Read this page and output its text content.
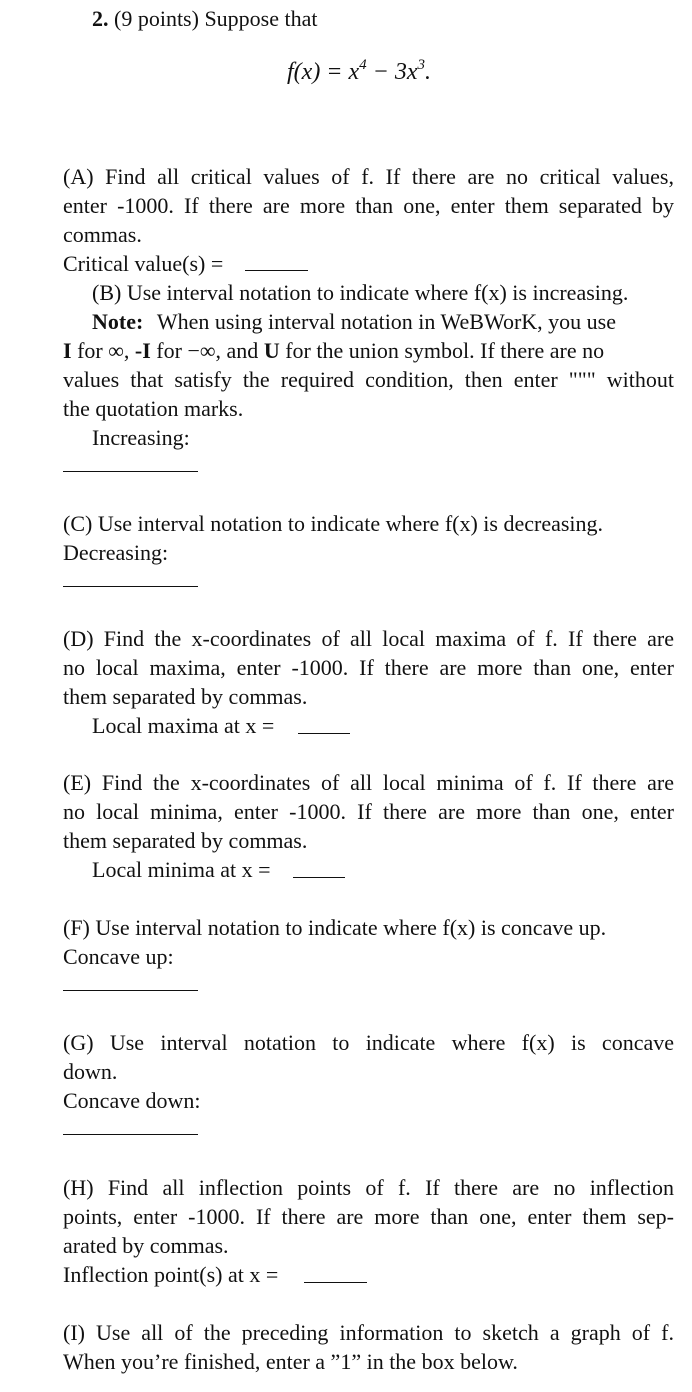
2. (9 points) Suppose that
$f(x) = x^4 - 3x^3$.
(A) Find all critical values of f. If there are no critical values,
enter -1000. If there are more than one, enter them separated by
commas.
Critical value(s) =
(B) Use interval notation to indicate where f(x) is increasing.
Note: When using interval notation in WeBWorK, you use
I for ∞, -I for −∞, and U for the union symbol. If there are no
values that satisfy the required condition, then enter """ without
the quotation marks.
Increasing:
(C) Use interval notation to indicate where f(x) is decreasing.
Decreasing:
(D) Find the x-coordinates of all local maxima of f. If there are
no local maxima, enter -1000. If there are more than one, enter
them separated by commas.
Local maxima at x =
(E) Find the x-coordinates of all local minima of f. If there are
no local minima, enter -1000. If there are more than one, enter
them separated by commas.
Local minima at x =
(F) Use interval notation to indicate where f(x) is concave up.
Concave up:
(G) Use interval notation to indicate where f(x) is concave
down.
Concave down:
(H) Find all inflection points of f. If there are no inflection
points, enter -1000. If there are more than one, enter them sep-
arated by commas.
Inflection point(s) at x =
(I) Use all of the preceding information to sketch a graph of f.
When you’re finished, enter a ”1” in the box below.
